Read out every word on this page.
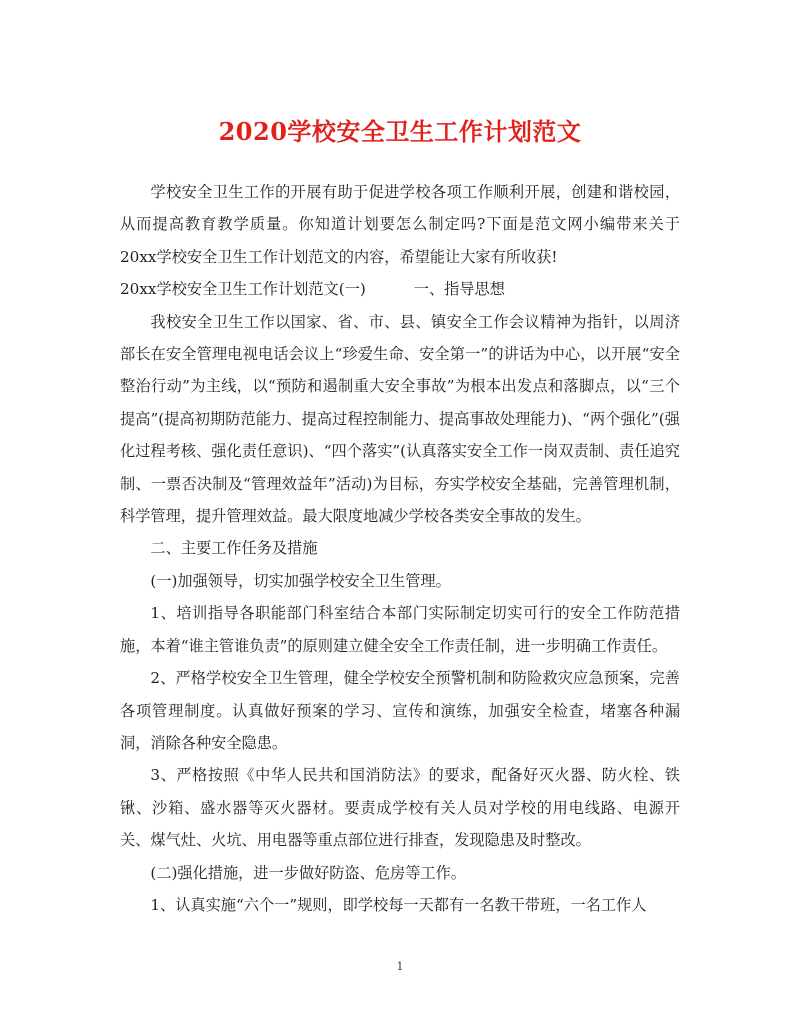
2020学校安全卫生工作计划范文

学校安全卫生工作的开展有助于促进学校各项工作顺利开展，创建和谐校园，从而提高教育教学质量。你知道计划要怎么制定吗?下面是范文网小编带来关于20xx学校安全卫生工作计划范文的内容，希望能让大家有所收获!

20xx学校安全卫生工作计划范文(一)	一、指导思想

我校安全卫生工作以国家、省、市、县、镇安全工作会议精神为指针，以周济部长在安全管理电视电话会议上“珍爱生命、安全第一”的讲话为中心，以开展“安全整治行动”为主线，以“预防和遏制重大安全事故”为根本出发点和落脚点，以“三个提高”(提高初期防范能力、提高过程控制能力、提高事故处理能力)、“两个强化”(强化过程考核、强化责任意识)、“四个落实”(认真落实安全工作一岗双责制、责任追究制、一票否决制及“管理效益年”活动)为目标，夯实学校安全基础，完善管理机制，科学管理，提升管理效益。最大限度地减少学校各类安全事故的发生。

二、主要工作任务及措施

(一)加强领导，切实加强学校安全卫生管理。

1、培训指导各职能部门科室结合本部门实际制定切实可行的安全工作防范措施，本着“谁主管谁负责”的原则建立健全安全工作责任制，进一步明确工作责任。

2、严格学校安全卫生管理，健全学校安全预警机制和防险救灾应急预案，完善各项管理制度。认真做好预案的学习、宣传和演练，加强安全检查，堵塞各种漏洞，消除各种安全隐患。

3、严格按照《中华人民共和国消防法》的要求，配备好灭火器、防火栓、铁锹、沙箱、盛水器等灭火器材。要责成学校有关人员对学校的用电线路、电源开关、煤气灶、火坑、用电器等重点部位进行排查，发现隐患及时整改。

(二)强化措施，进一步做好防盗、危房等工作。

1、认真实施“六个一”规则，即学校每一天都有一名教干带班，一名工作人

1
